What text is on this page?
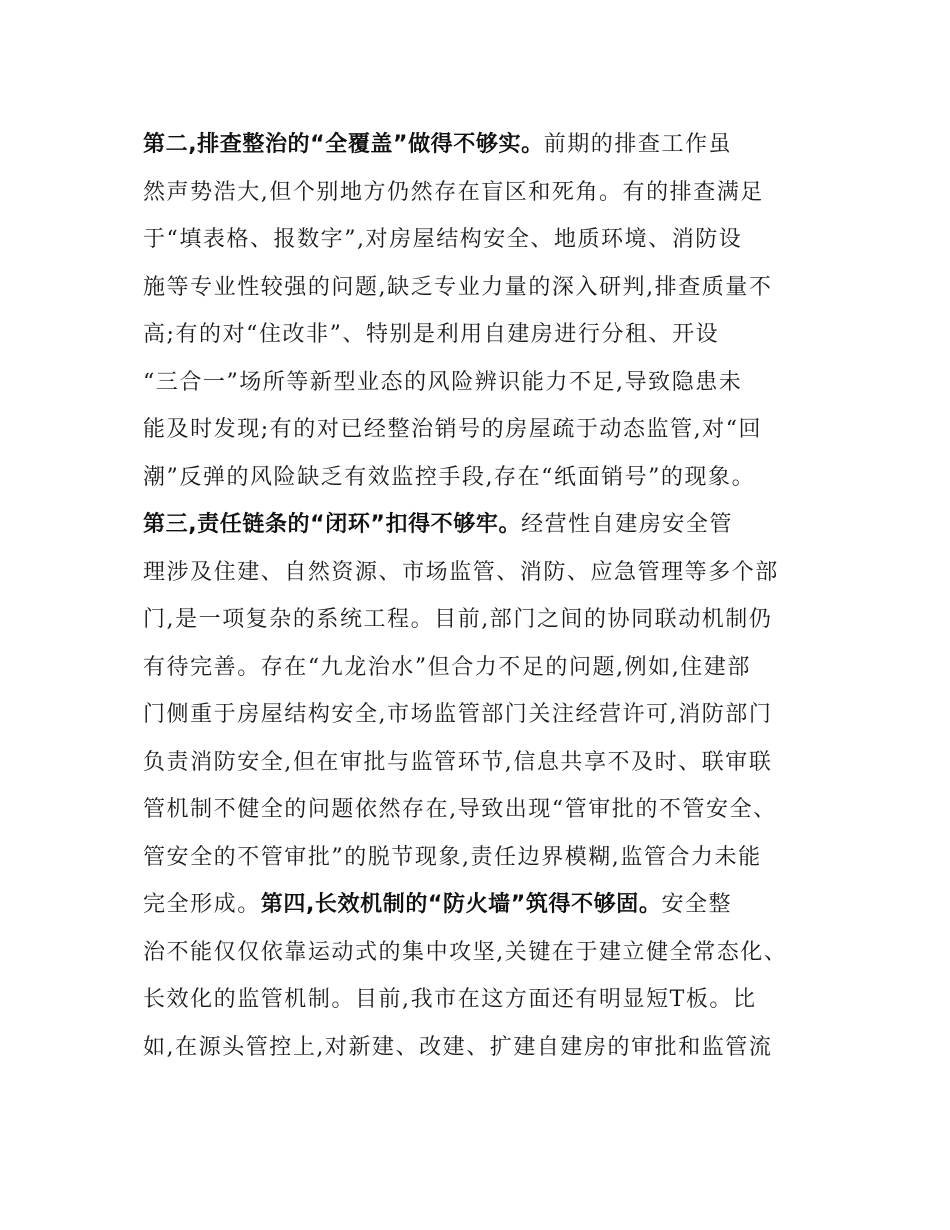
第二,排查整治的“全覆盖”做得不够实。前期的排查工作虽
然声势浩大,但个别地方仍然存在盲区和死角。有的排查满足
于“填表格、报数字”,对房屋结构安全、地质环境、消防设
施等专业性较强的问题,缺乏专业力量的深入研判,排查质量不
高;有的对“住改非”、特别是利用自建房进行分租、开设
“三合一”场所等新型业态的风险辨识能力不足,导致隐患未
能及时发现;有的对已经整治销号的房屋疏于动态监管,对“回
潮”反弹的风险缺乏有效监控手段,存在“纸面销号”的现象。
第三,责任链条的“闭环”扣得不够牢。经营性自建房安全管
理涉及住建、自然资源、市场监管、消防、应急管理等多个部
门,是一项复杂的系统工程。目前,部门之间的协同联动机制仍
有待完善。存在“九龙治水”但合力不足的问题,例如,住建部
门侧重于房屋结构安全,市场监管部门关注经营许可,消防部门
负责消防安全,但在审批与监管环节,信息共享不及时、联审联
管机制不健全的问题依然存在,导致出现“管审批的不管安全、
管安全的不管审批”的脱节现象,责任边界模糊,监管合力未能
完全形成。第四,长效机制的“防火墙”筑得不够固。安全整
治不能仅仅依靠运动式的集中攻坚,关键在于建立健全常态化、
长效化的监管机制。目前,我市在这方面还有明显短T板。比
如,在源头管控上,对新建、改建、扩建自建房的审批和监管流
